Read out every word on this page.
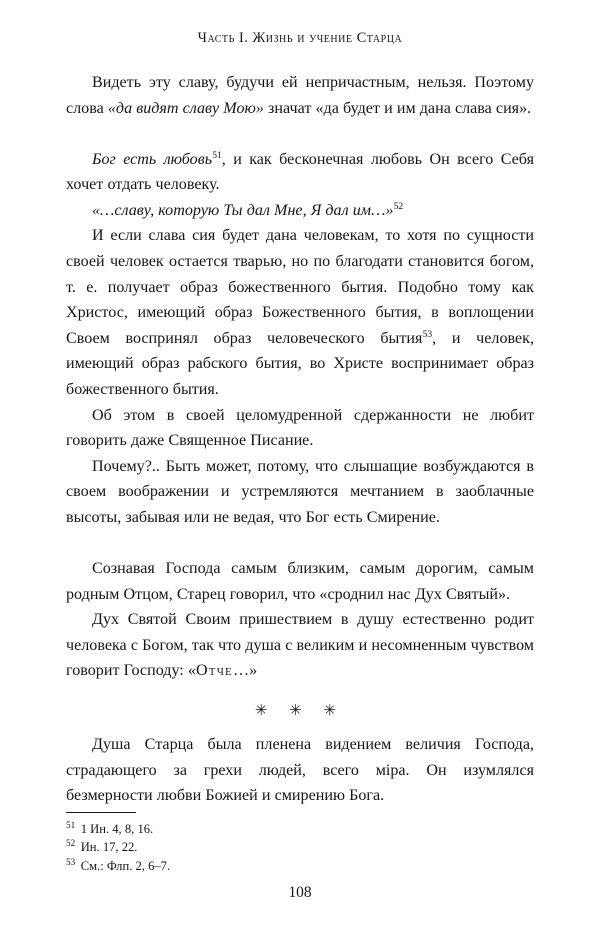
Часть I. Жизнь и учение Старца

Видеть эту славу, будучи ей непричастным, нельзя. Поэтому слова «да видят славу Мою» значат «да будет и им дана слава сия».

Бог есть любовь$^{51}$, и как бесконечная любовь Он всего Себя хочет отдать человеку.

«…славу, которую Ты дал Мне, Я дал им…»$^{52}$

И если слава сия будет дана человекам, то хотя по сущности своей человек остается тварью, но по благодати становится богом, т. е. получает образ божественного бытия. Подобно тому как Христос, имеющий образ Божественного бытия, в воплощении Своем воспринял образ человеческого бытия$^{53}$, и человек, имеющий образ рабского бытия, во Христе воспринимает образ божественного бытия.

Об этом в своей целомудренной сдержанности не любит говорить даже Священное Писание.

Почему?.. Быть может, потому, что слышащие возбуждаются в своем воображении и устремляются мечтанием в заоблачные высоты, забывая или не ведая, что Бог есть Смирение.

Сознавая Господа самым близким, самым дорогим, самым родным Отцом, Старец говорил, что «сроднил нас Дух Святый».

Дух Святой Своим пришествием в душу естественно родит человека с Богом, так что душа с великим и несомненным чувством говорит Господу: «Отче…»

✳ ✳ ✳

Душа Старца была пленена видением величия Господа, страдающего за грехи людей, всего мiра. Он изумлялся безмерности любви Божией и смирению Бога.

$^{51}$ 1 Ин. 4, 8, 16.

$^{52}$ Ин. 17, 22.

$^{53}$ См.: Флп. 2, 6–7.

108
